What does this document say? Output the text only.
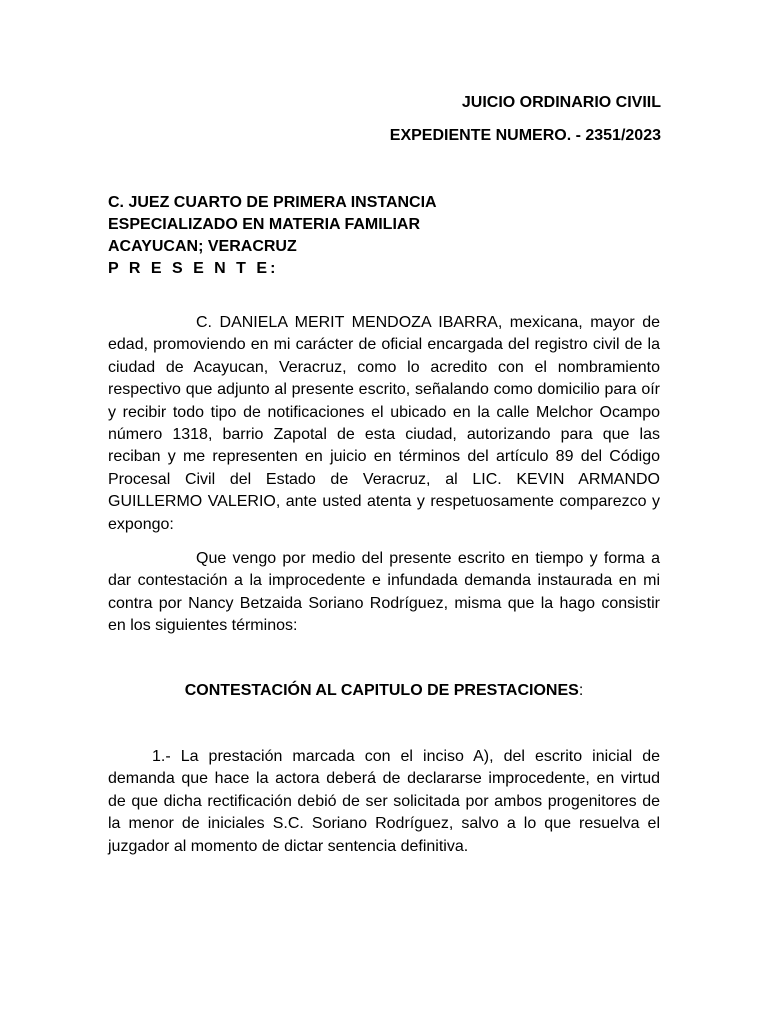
JUICIO ORDINARIO CIVIIL
EXPEDIENTE NUMERO. - 2351/2023
C. JUEZ CUARTO DE PRIMERA INSTANCIA
ESPECIALIZADO EN MATERIA FAMILIAR
ACAYUCAN; VERACRUZ
P R E S E N T E:

C. DANIELA MERIT MENDOZA IBARRA, mexicana, mayor de edad, promoviendo en mi carácter de oficial encargada del registro civil de la ciudad de Acayucan, Veracruz, como lo acredito con el nombramiento respectivo que adjunto al presente escrito, señalando como domicilio para oír y recibir todo tipo de notificaciones el ubicado en la calle Melchor Ocampo número 1318, barrio Zapotal de esta ciudad, autorizando para que las reciban y me representen en juicio en términos del artículo 89 del Código Procesal Civil del Estado de Veracruz, al LIC. KEVIN ARMANDO GUILLERMO VALERIO, ante usted atenta y respetuosamente comparezco y expongo:

Que vengo por medio del presente escrito en tiempo y forma a dar contestación a la improcedente e infundada demanda instaurada en mi contra por Nancy Betzaida Soriano Rodríguez, misma que la hago consistir en los siguientes términos:

CONTESTACIÓN AL CAPITULO DE PRESTACIONES:

1.- La prestación marcada con el inciso A), del escrito inicial de demanda que hace la actora deberá de declararse improcedente, en virtud de que dicha rectificación debió de ser solicitada por ambos progenitores de la menor de iniciales S.C. Soriano Rodríguez, salvo a lo que resuelva el juzgador al momento de dictar sentencia definitiva.
